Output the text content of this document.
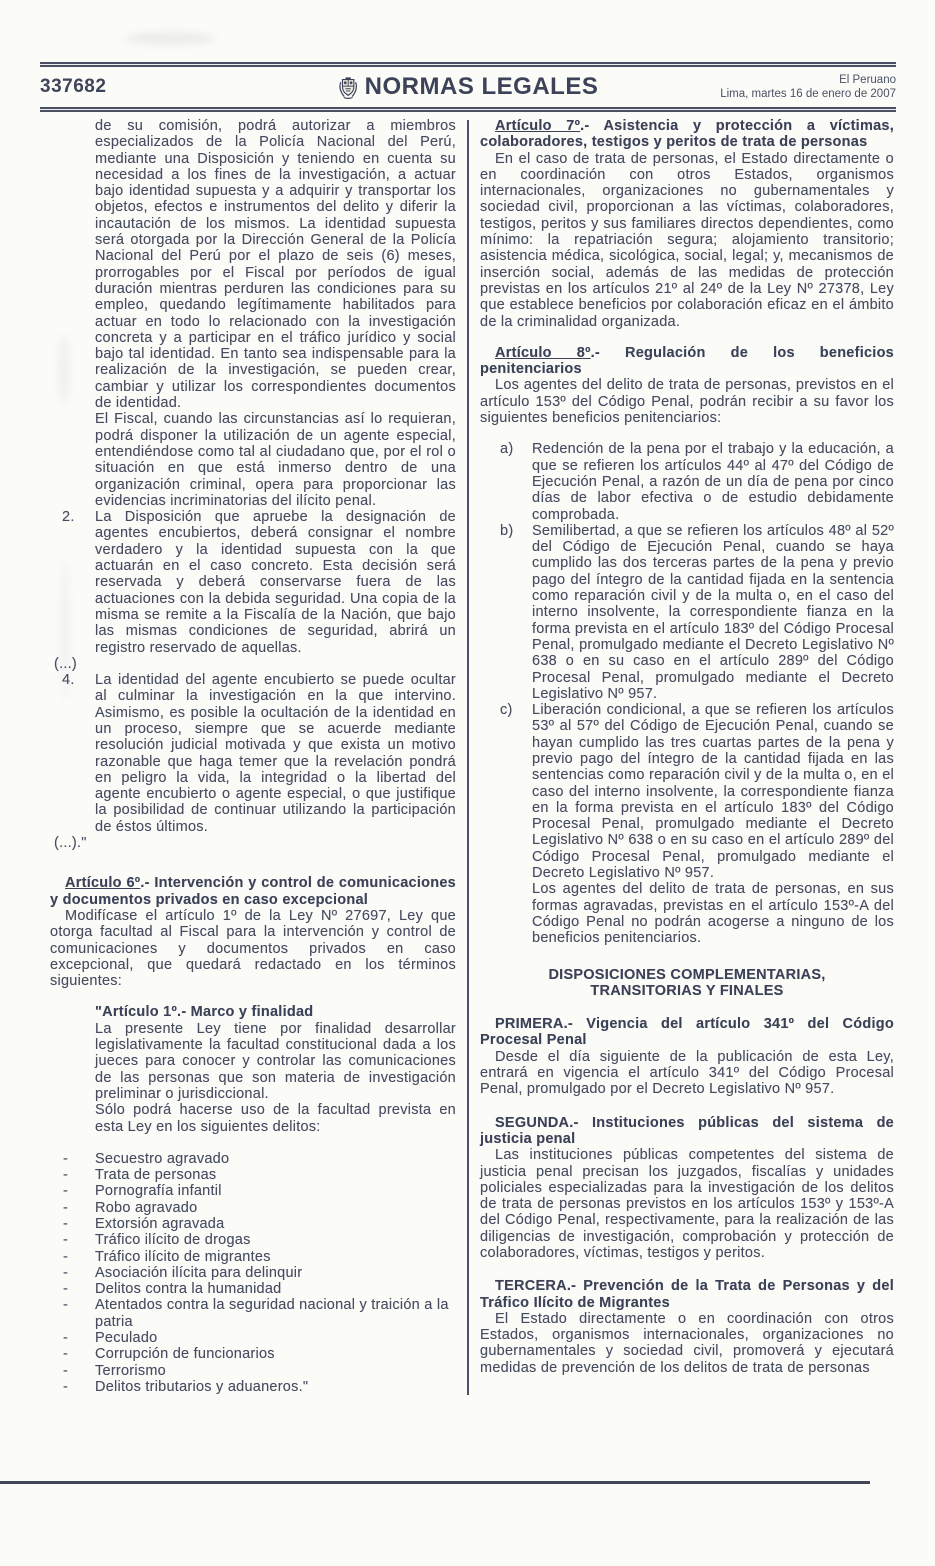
337682	NORMAS LEGALES	El Peruano
Lima, martes 16 de enero de 2007

de su comisión, podrá autorizar a miembros especializados de la Policía Nacional del Perú, mediante una Disposición y teniendo en cuenta su necesidad a los fines de la investigación, a actuar bajo identidad supuesta y a adquirir y transportar los objetos, efectos e instrumentos del delito y diferir la incautación de los mismos. La identidad supuesta será otorgada por la Dirección General de la Policía Nacional del Perú por el plazo de seis (6) meses, prorrogables por el Fiscal por períodos de igual duración mientras perduren las condiciones para su empleo, quedando legítimamente habilitados para actuar en todo lo relacionado con la investigación concreta y a participar en el tráfico jurídico y social bajo tal identidad. En tanto sea indispensable para la realización de la investigación, se pueden crear, cambiar y utilizar los correspondientes documentos de identidad.

El Fiscal, cuando las circunstancias así lo requieran, podrá disponer la utilización de un agente especial, entendiéndose como tal al ciudadano que, por el rol o situación en que está inmerso dentro de una organización criminal, opera para proporcionar las evidencias incriminatorias del ilícito penal.

2. La Disposición que apruebe la designación de agentes encubiertos, deberá consignar el nombre verdadero y la identidad supuesta con la que actuarán en el caso concreto. Esta decisión será reservada y deberá conservarse fuera de las actuaciones con la debida seguridad. Una copia de la misma se remite a la Fiscalía de la Nación, que bajo las mismas condiciones de seguridad, abrirá un registro reservado de aquellas.

(...)

4. La identidad del agente encubierto se puede ocultar al culminar la investigación en la que intervino. Asimismo, es posible la ocultación de la identidad en un proceso, siempre que se acuerde mediante resolución judicial motivada y que exista un motivo razonable que haga temer que la revelación pondrá en peligro la vida, la integridad o la libertad del agente encubierto o agente especial, o que justifique la posibilidad de continuar utilizando la participación de éstos últimos.

(...)."

Artículo 6º.- Intervención y control de comunicaciones y documentos privados en caso excepcional

Modifícase el artículo 1º de la Ley Nº 27697, Ley que otorga facultad al Fiscal para la intervención y control de comunicaciones y documentos privados en caso excepcional, que quedará redactado en los términos siguientes:

"Artículo 1º.- Marco y finalidad

La presente Ley tiene por finalidad desarrollar legislativamente la facultad constitucional dada a los jueces para conocer y controlar las comunicaciones de las personas que son materia de investigación preliminar o jurisdiccional.

Sólo podrá hacerse uso de la facultad prevista en esta Ley en los siguientes delitos:

- Secuestro agravado
- Trata de personas
- Pornografía infantil
- Robo agravado
- Extorsión agravada
- Tráfico ilícito de drogas
- Tráfico ilícito de migrantes
- Asociación ilícita para delinquir
- Delitos contra la humanidad
- Atentados contra la seguridad nacional y traición a la patria
- Peculado
- Corrupción de funcionarios
- Terrorismo
- Delitos tributarios y aduaneros."

Artículo 7º.- Asistencia y protección a víctimas, colaboradores, testigos y peritos de trata de personas

En el caso de trata de personas, el Estado directamente o en coordinación con otros Estados, organismos internacionales, organizaciones no gubernamentales y sociedad civil, proporcionan a las víctimas, colaboradores, testigos, peritos y sus familiares directos dependientes, como mínimo: la repatriación segura; alojamiento transitorio; asistencia médica, sicológica, social, legal; y, mecanismos de inserción social, además de las medidas de protección previstas en los artículos 21º al 24º de la Ley Nº 27378, Ley que establece beneficios por colaboración eficaz en el ámbito de la criminalidad organizada.

Artículo 8º.- Regulación de los beneficios penitenciarios

Los agentes del delito de trata de personas, previstos en el artículo 153º del Código Penal, podrán recibir a su favor los siguientes beneficios penitenciarios:

a) Redención de la pena por el trabajo y la educación, a que se refieren los artículos 44º al 47º del Código de Ejecución Penal, a razón de un día de pena por cinco días de labor efectiva o de estudio debidamente comprobada.
b) Semilibertad, a que se refieren los artículos 48º al 52º del Código de Ejecución Penal, cuando se haya cumplido las dos terceras partes de la pena y previo pago del íntegro de la cantidad fijada en la sentencia como reparación civil y de la multa o, en el caso del interno insolvente, la correspondiente fianza en la forma prevista en el artículo 183º del Código Procesal Penal, promulgado mediante el Decreto Legislativo Nº 638 o en su caso en el artículo 289º del Código Procesal Penal, promulgado mediante el Decreto Legislativo Nº 957.
c) Liberación condicional, a que se refieren los artículos 53º al 57º del Código de Ejecución Penal, cuando se hayan cumplido las tres cuartas partes de la pena y previo pago del íntegro de la cantidad fijada en las sentencias como reparación civil y de la multa o, en el caso del interno insolvente, la correspondiente fianza en la forma prevista en el artículo 183º del Código Procesal Penal, promulgado mediante el Decreto Legislativo Nº 638 o en su caso en el artículo 289º del Código Procesal Penal, promulgado mediante el Decreto Legislativo Nº 957.

Los agentes del delito de trata de personas, en sus formas agravadas, previstas en el artículo 153º-A del Código Penal no podrán acogerse a ninguno de los beneficios penitenciarios.

DISPOSICIONES COMPLEMENTARIAS,
TRANSITORIAS Y FINALES

PRIMERA.- Vigencia del artículo 341º del Código Procesal Penal

Desde el día siguiente de la publicación de esta Ley, entrará en vigencia el artículo 341º del Código Procesal Penal, promulgado por el Decreto Legislativo Nº 957.

SEGUNDA.- Instituciones públicas del sistema de justicia penal

Las instituciones públicas competentes del sistema de justicia penal precisan los juzgados, fiscalías y unidades policiales especializadas para la investigación de los delitos de trata de personas previstos en los artículos 153º y 153º-A del Código Penal, respectivamente, para la realización de las diligencias de investigación, comprobación y protección de colaboradores, víctimas, testigos y peritos.

TERCERA.- Prevención de la Trata de Personas y del Tráfico Ilícito de Migrantes

El Estado directamente o en coordinación con otros Estados, organismos internacionales, organizaciones no gubernamentales y sociedad civil, promoverá y ejecutará medidas de prevención de los delitos de trata de personas
